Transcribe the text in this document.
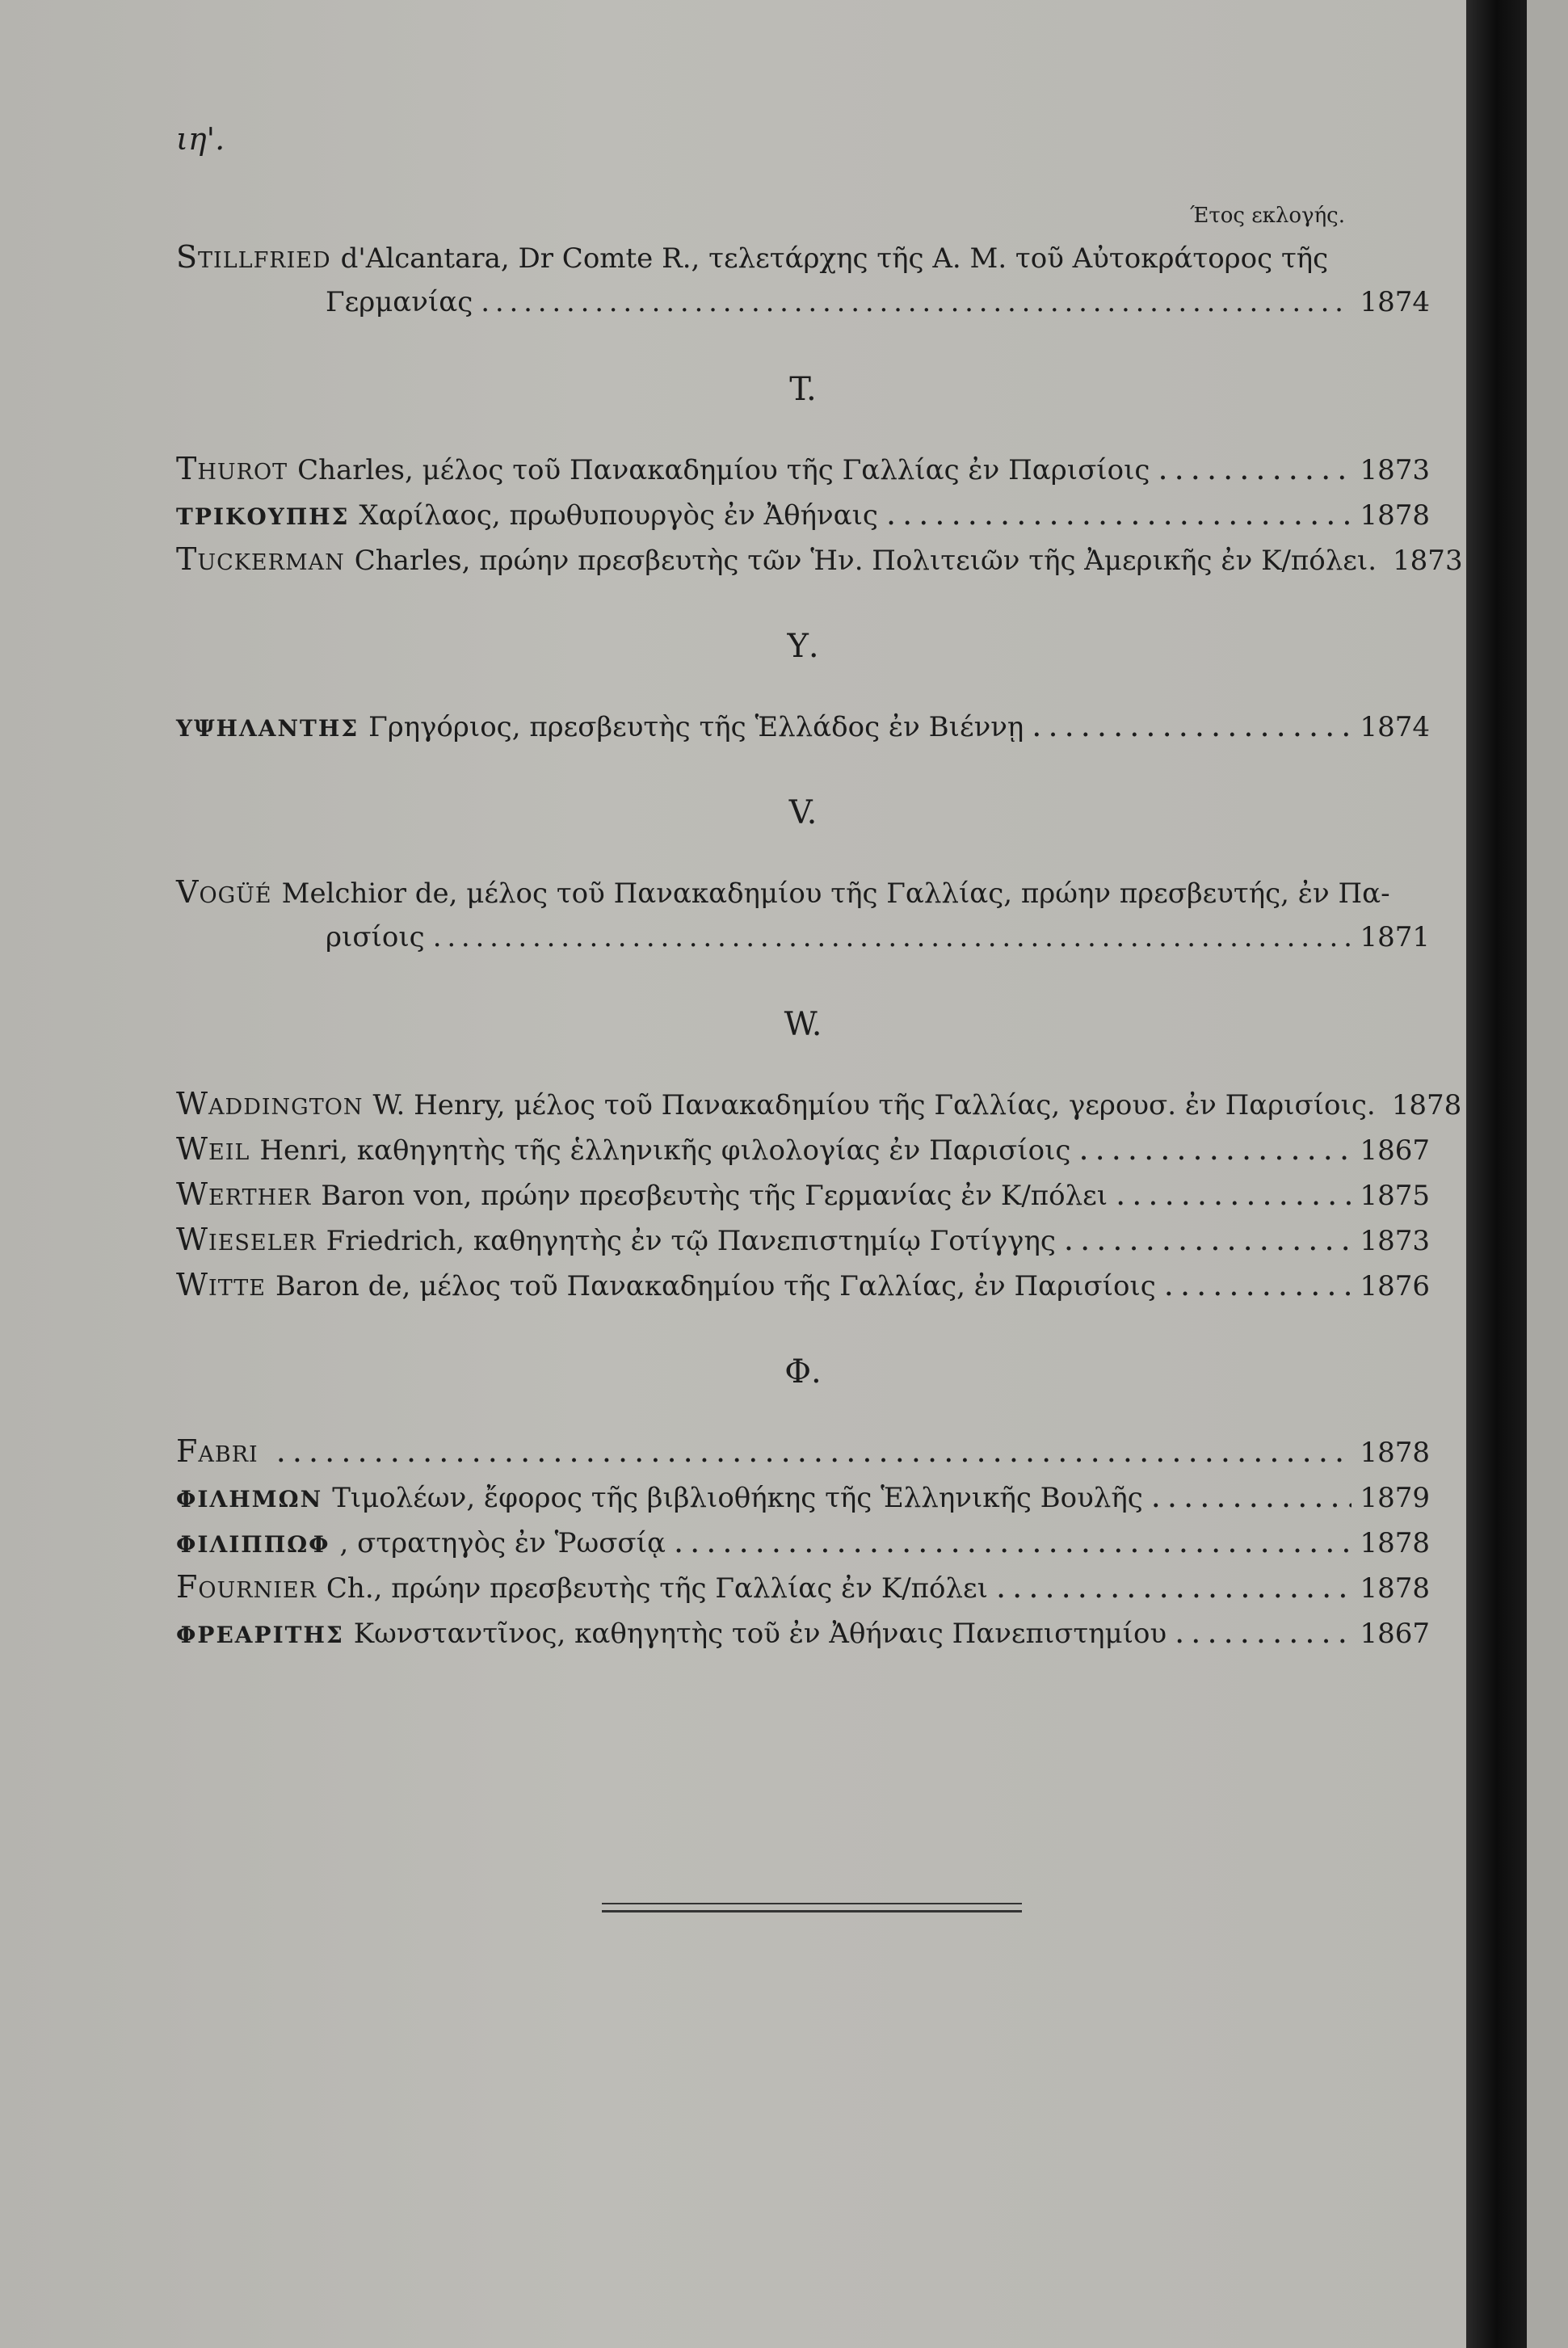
ιη'.
Έτος εκλογής.
Stillfried d'Alcantara, Dr Comte R., τελετάρχης τῆς Α. Μ. τοῦ Αὐτοκράτορος τῆς
Γερμανίας . . .	1874
T.
Thurot Charles, μέλος τοῦ Πανακαδημίου τῆς Γαλλίας ἐν Παρισίοις . . .	1873
ΤΡΙΚΟΥΠΗΣ Χαρίλαος, πρωθυπουργὸς ἐν Ἀθήναις . . .	1878
Tuckerman Charles, πρώην πρεσβευτὴς τῶν Ἡν. Πολιτειῶν τῆς Ἀμερικῆς ἐν Κ/πόλει. 1873
Υ.
ΥΨΗΛΑΝΤΗΣ Γρηγόριος, πρεσβευτὴς τῆς Ἑλλάδος ἐν Βιέννῃ . . .	1874
V.
Vogüé Melchior de, μέλος τοῦ Πανακαδημίου τῆς Γαλλίας, πρώην πρεσβευτής, ἐν Πα-
ρισίοις . . .	1871
W.
Waddington W. Henry, μέλος τοῦ Πανακαδημίου τῆς Γαλλίας, γερουσ. ἐν Παρισίοις. 1878
Weil Henri, καθηγητὴς τῆς ἑλληνικῆς φιλολογίας ἐν Παρισίοις . . .	1867
Werther Baron von, πρώην πρεσβευτὴς τῆς Γερμανίας ἐν Κ/πόλει . . .	1875
Wieseler Friedrich, καθηγητὴς ἐν τῷ Πανεπιστημίῳ Γοτίγγης . . .	1873
Witte Baron de, μέλος τοῦ Πανακαδημίου τῆς Γαλλίας, ἐν Παρισίοις . . .	1876
Φ.
Fabri . . .	1878
ΦΙΛΗΜΩΝ Τιμολέων, ἔφορος τῆς βιβλιοθήκης τῆς Ἑλληνικῆς Βουλῆς . . .	1879
ΦΙΛΙΠΠΩΦ , στρατηγὸς ἐν Ῥωσσίᾳ . . .	1878
Fournier Ch., πρώην πρεσβευτὴς τῆς Γαλλίας ἐν Κ/πόλει . . .	1878
ΦΡΕΑΡΙΤΗΣ Κωνσταντῖνος, καθηγητὴς τοῦ ἐν Ἀθήναις Πανεπιστημίου . . .	1867
